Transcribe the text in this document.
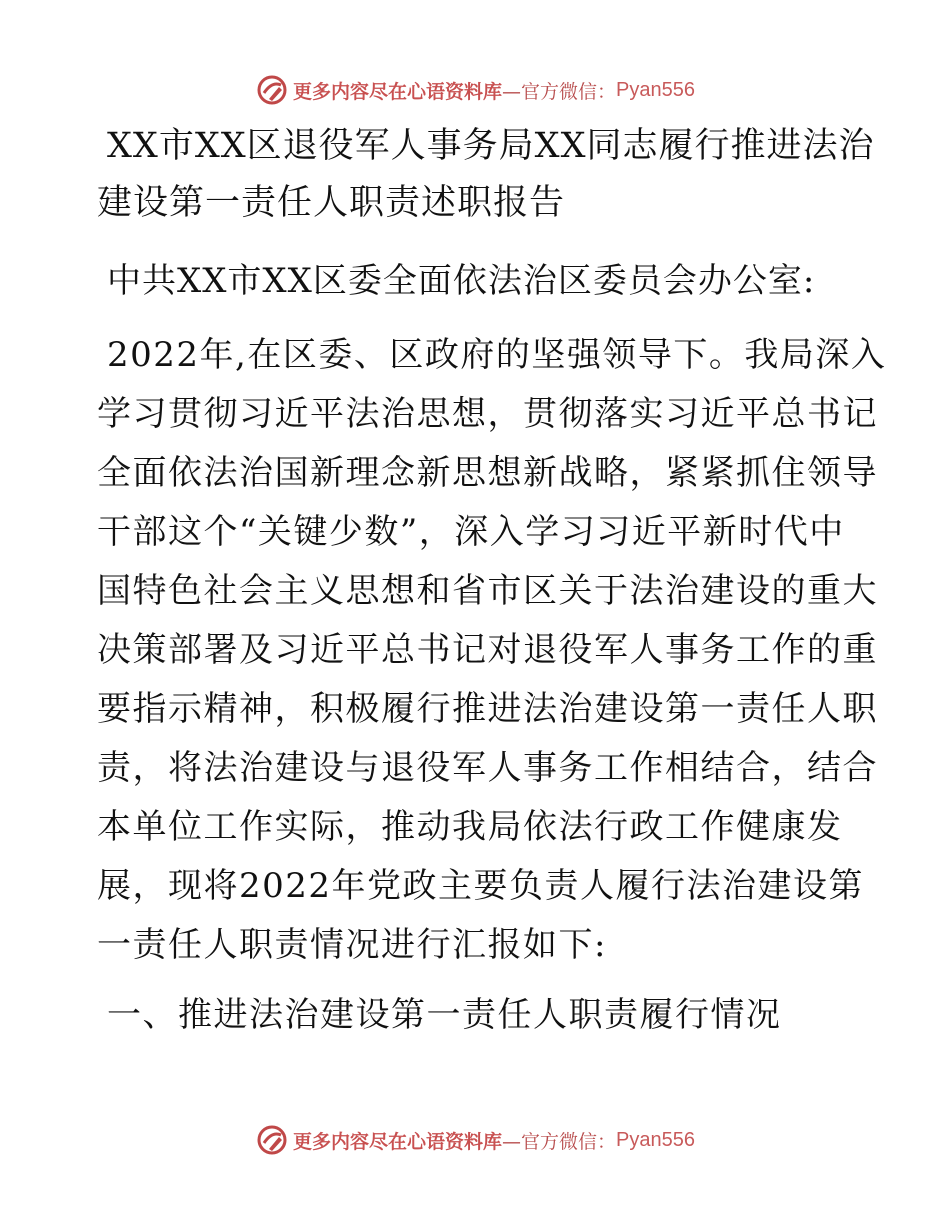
更多内容尽在心语资料库 —官方微信： Pyan556
XX市XX区退役军人事务局XX同志履行推进法治
建设第一责任人职责述职报告
中共XX市XX区委全面依法治区委员会办公室:
2022年,在区委、区政府的坚强领导下。我局深入
学习贯彻习近平法治思想，贯彻落实习近平总书记
全面依法治国新理念新思想新战略，紧紧抓住领导
干部这个“关键少数”，深入学习习近平新时代中
国特色社会主义思想和省市区关于法治建设的重大
决策部署及习近平总书记对退役军人事务工作的重
要指示精神，积极履行推进法治建设第一责任人职
责，将法治建设与退役军人事务工作相结合，结合
本单位工作实际，推动我局依法行政工作健康发
展，现将2022年党政主要负责人履行法治建设第
一责任人职责情况进行汇报如下:
一、推进法治建设第一责任人职责履行情况
更多内容尽在心语资料库 —官方微信： Pyan556
